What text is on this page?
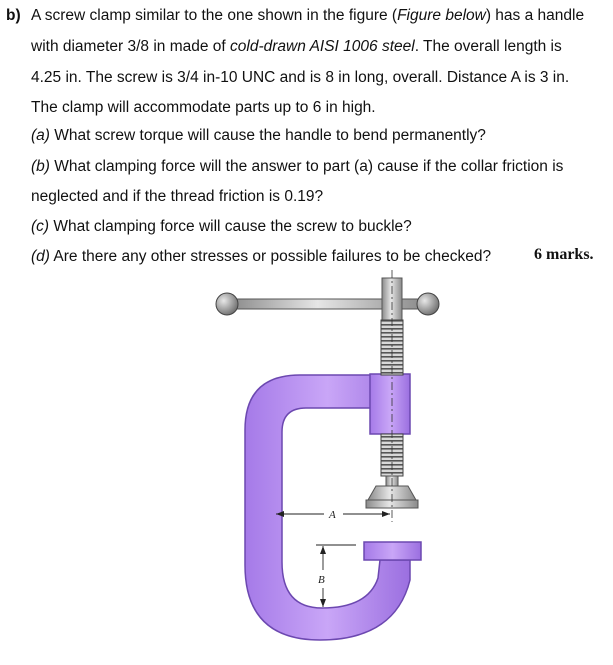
b) A screw clamp similar to the one shown in the figure (Figure below) has a handle
with diameter 3/8 in made of cold-drawn AISI 1006 steel. The overall length is
4.25 in. The screw is 3/4 in-10 UNC and is 8 in long, overall. Distance A is 3 in.
The clamp will accommodate parts up to 6 in high.
(a) What screw torque will cause the handle to bend permanently?
(b) What clamping force will the answer to part (a) cause if the collar friction is
neglected and if the thread friction is 0.19?
(c) What clamping force will cause the screw to buckle?
(d) Are there any other stresses or possible failures to be checked?	6 marks.
A
B
